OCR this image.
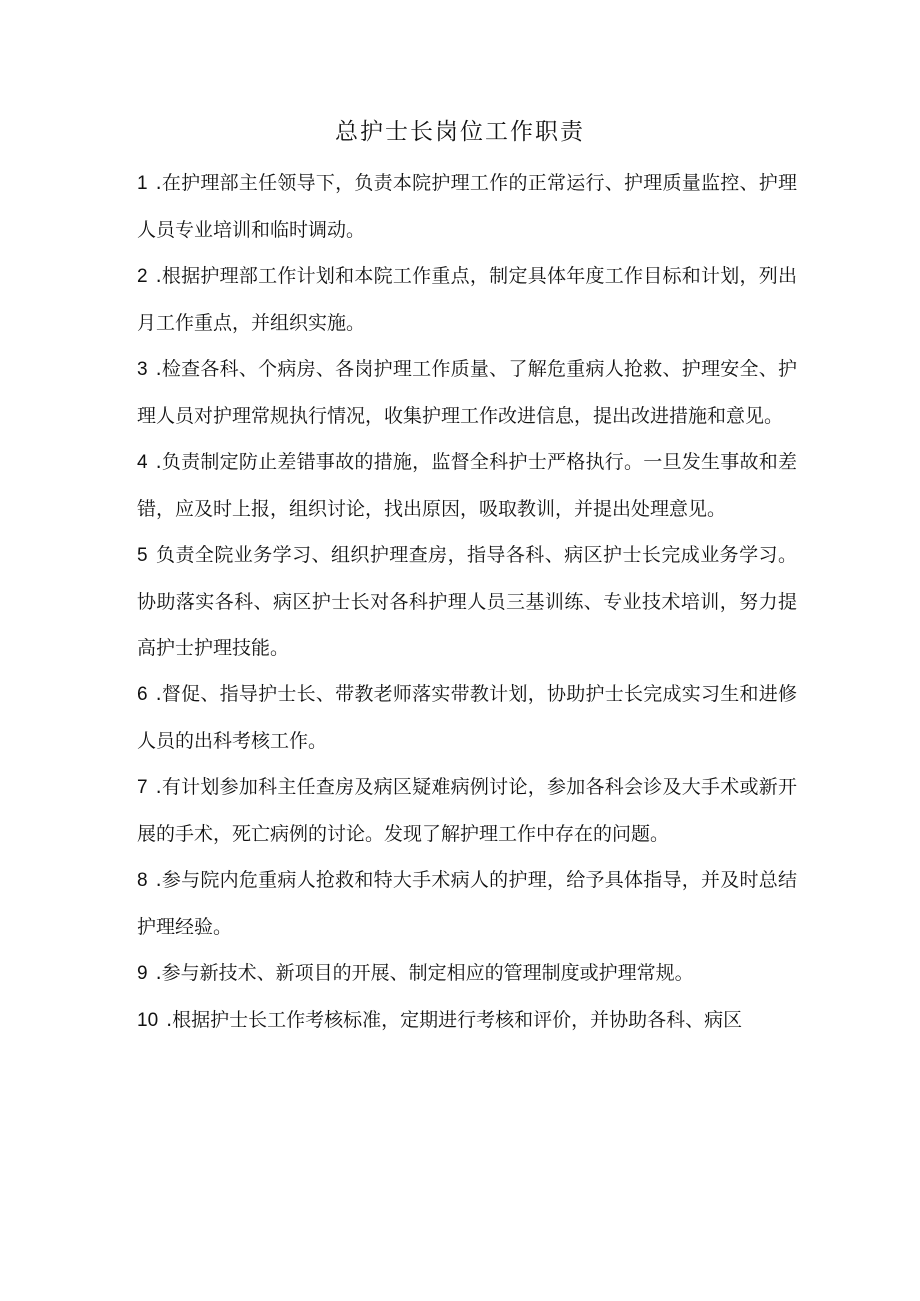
总护士长岗位工作职责
1 .在护理部主任领导下，负责本院护理工作的正常运行、护理质量监控、护理人员专业培训和临时调动。
2 .根据护理部工作计划和本院工作重点，制定具体年度工作目标和计划，列出月工作重点，并组织实施。
3 .检查各科、个病房、各岗护理工作质量、了解危重病人抢救、护理安全、护理人员对护理常规执行情况，收集护理工作改进信息，提出改进措施和意见。
4 .负责制定防止差错事故的措施，监督全科护士严格执行。一旦发生事故和差错，应及时上报，组织讨论，找出原因，吸取教训，并提出处理意见。
5 负责全院业务学习、组织护理查房，指导各科、病区护士长完成业务学习。协助落实各科、病区护士长对各科护理人员三基训练、专业技术培训，努力提高护士护理技能。
6 .督促、指导护士长、带教老师落实带教计划，协助护士长完成实习生和进修人员的出科考核工作。
7 .有计划参加科主任查房及病区疑难病例讨论，参加各科会诊及大手术或新开展的手术，死亡病例的讨论。发现了解护理工作中存在的问题。
8 .参与院内危重病人抢救和特大手术病人的护理，给予具体指导，并及时总结护理经验。
9 .参与新技术、新项目的开展、制定相应的管理制度或护理常规。
10 .根据护士长工作考核标准，定期进行考核和评价，并协助各科、病区
